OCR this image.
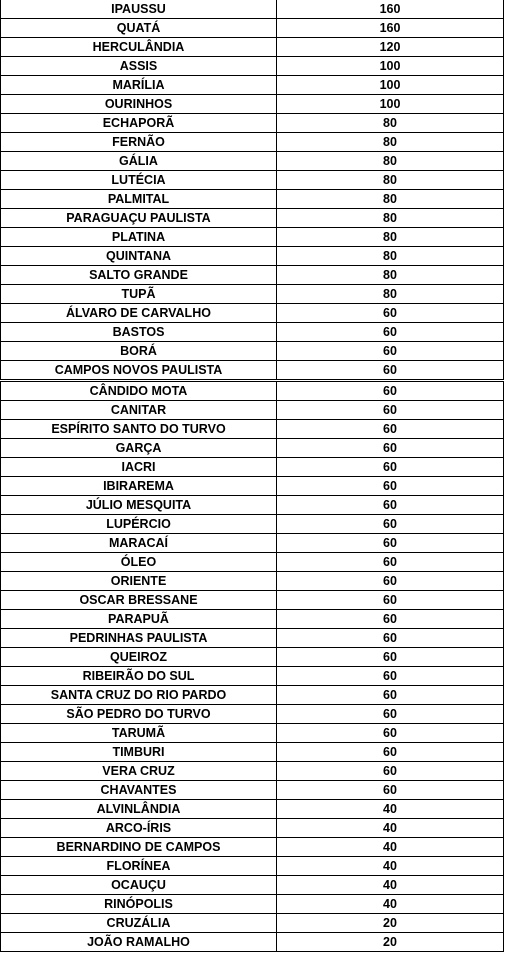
IPAUSSU	160
QUATÁ	160
HERCULÂNDIA	120
ASSIS	100
MARÍLIA	100
OURINHOS	100
ECHAPORÃ	80
FERNÃO	80
GÁLIA	80
LUTÉCIA	80
PALMITAL	80
PARAGUAÇU PAULISTA	80
PLATINA	80
QUINTANA	80
SALTO GRANDE	80
TUPÃ	80
ÁLVARO DE CARVALHO	60
BASTOS	60
BORÁ	60
CAMPOS NOVOS PAULISTA	60
CÂNDIDO MOTA	60
CANITAR	60
ESPÍRITO SANTO DO TURVO	60
GARÇA	60
IACRI	60
IBIRAREMA	60
JÚLIO MESQUITA	60
LUPÉRCIO	60
MARACAÍ	60
ÓLEO	60
ORIENTE	60
OSCAR BRESSANE	60
PARAPUÃ	60
PEDRINHAS PAULISTA	60
QUEIROZ	60
RIBEIRÃO DO SUL	60
SANTA CRUZ DO RIO PARDO	60
SÃO PEDRO DO TURVO	60
TARUMÃ	60
TIMBURI	60
VERA CRUZ	60
CHAVANTES	60
ALVINLÂNDIA	40
ARCO-ÍRIS	40
BERNARDINO DE CAMPOS	40
FLORÍNEA	40
OCAUÇU	40
RINÓPOLIS	40
CRUZÁLIA	20
JOÃO RAMALHO	20
